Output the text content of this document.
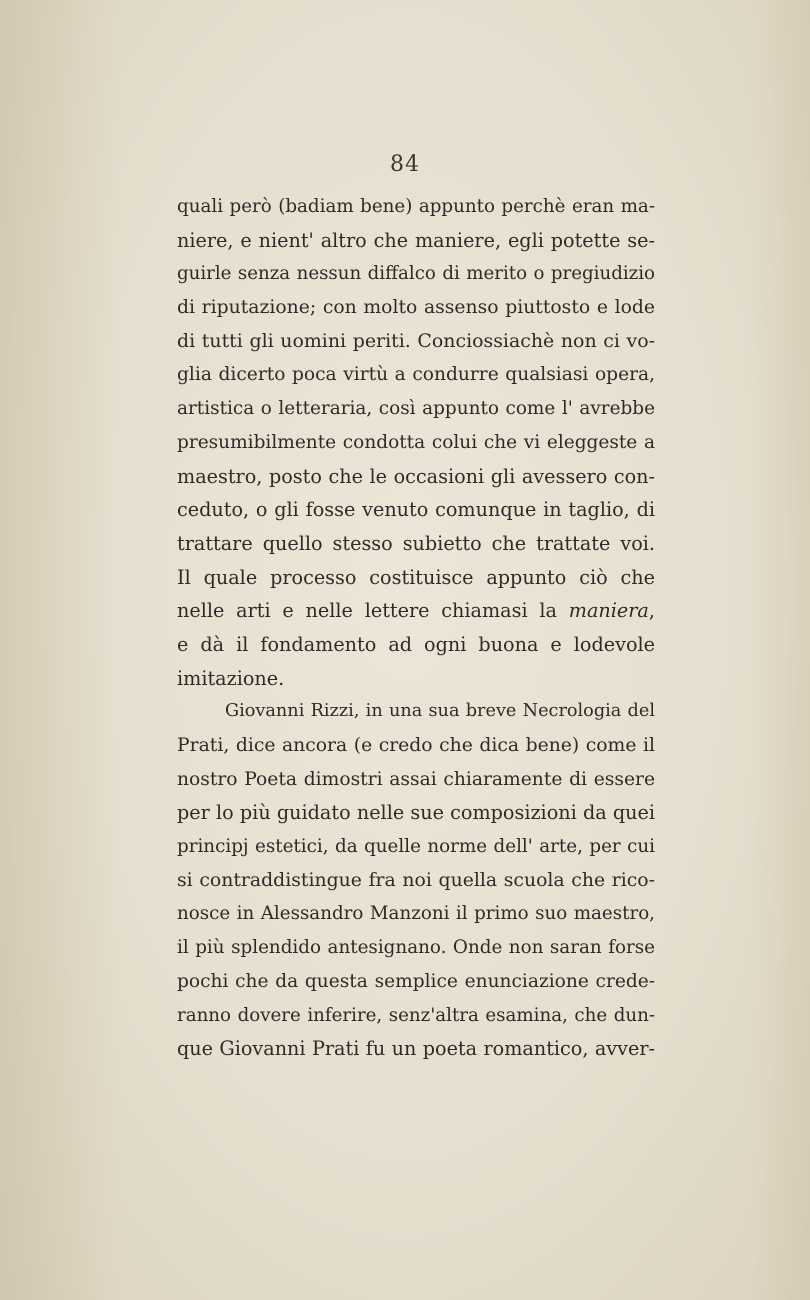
84
quali però (badiam bene) appunto perchè eran ma-
niere, e nient' altro che maniere, egli potette se-
guirle senza nessun diffalco di merito o pregiudizio
di riputazione; con molto assenso piuttosto e lode
di tutti gli uomini periti. Conciossiachè non ci vo-
glia dicerto poca virtù a condurre qualsiasi opera,
artistica o letteraria, così appunto come l' avrebbe
presumibilmente condotta colui che vi eleggeste a
maestro, posto che le occasioni gli avessero con-
ceduto, o gli fosse venuto comunque in taglio, di
trattare quello stesso subietto che trattate voi.
Il quale processo costituisce appunto ciò che
nelle arti e nelle lettere chiamasi la maniera,
e dà il fondamento ad ogni buona e lodevole
imitazione.
Giovanni Rizzi, in una sua breve Necrologia del
Prati, dice ancora (e credo che dica bene) come il
nostro Poeta dimostri assai chiaramente di essere
per lo più guidato nelle sue composizioni da quei
principj estetici, da quelle norme dell' arte, per cui
si contraddistingue fra noi quella scuola che rico-
nosce in Alessandro Manzoni il primo suo maestro,
il più splendido antesignano. Onde non saran forse
pochi che da questa semplice enunciazione crede-
ranno dovere inferire, senz'altra esamina, che dun-
que Giovanni Prati fu un poeta romantico, avver-
